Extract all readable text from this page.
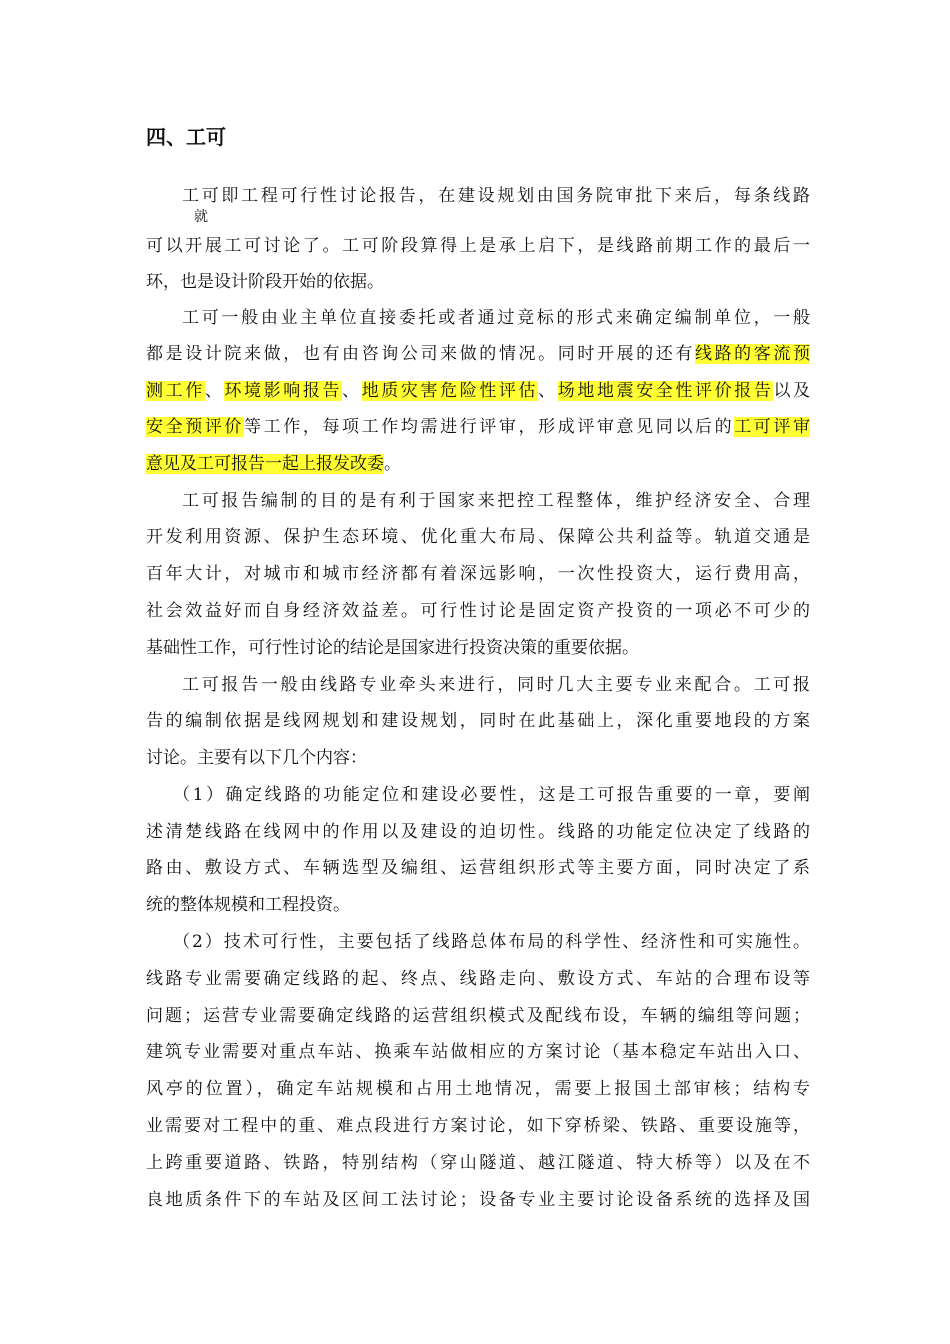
四、工可
工可即工程可行性讨论报告，在建设规划由国务院审批下来后，每条线路
就
可以开展工可讨论了。工可阶段算得上是承上启下，是线路前期工作的最后一
环，也是设计阶段开始的依据。
工可一般由业主单位直接委托或者通过竞标的形式来确定编制单位，一般
都是设计院来做，也有由咨询公司来做的情况。同时开展的还有线路的客流预
测工作、环境影响报告、地质灾害危险性评估、场地地震安全性评价报告以及
安全预评价等工作，每项工作均需进行评审，形成评审意见同以后的工可评审
意见及工可报告一起上报发改委。
工可报告编制的目的是有利于国家来把控工程整体，维护经济安全、合理
开发利用资源、保护生态环境、优化重大布局、保障公共利益等。轨道交通是
百年大计，对城市和城市经济都有着深远影响，一次性投资大，运行费用高，
社会效益好而自身经济效益差。可行性讨论是固定资产投资的一项必不可少的
基础性工作，可行性讨论的结论是国家进行投资决策的重要依据。
工可报告一般由线路专业牵头来进行，同时几大主要专业来配合。工可报
告的编制依据是线网规划和建设规划，同时在此基础上，深化重要地段的方案
讨论。主要有以下几个内容：
（1）确定线路的功能定位和建设必要性，这是工可报告重要的一章，要阐
述清楚线路在线网中的作用以及建设的迫切性。线路的功能定位决定了线路的
路由、敷设方式、车辆选型及编组、运营组织形式等主要方面，同时决定了系
统的整体规模和工程投资。
（2）技术可行性，主要包括了线路总体布局的科学性、经济性和可实施性。
线路专业需要确定线路的起、终点、线路走向、敷设方式、车站的合理布设等
问题；运营专业需要确定线路的运营组织模式及配线布设，车辆的编组等问题；
建筑专业需要对重点车站、换乘车站做相应的方案讨论（基本稳定车站出入口、
风亭的位置），确定车站规模和占用土地情况，需要上报国土部审核；结构专
业需要对工程中的重、难点段进行方案讨论，如下穿桥梁、铁路、重要设施等，
上跨重要道路、铁路，特别结构（穿山隧道、越江隧道、特大桥等）以及在不
良地质条件下的车站及区间工法讨论；设备专业主要讨论设备系统的选择及国
